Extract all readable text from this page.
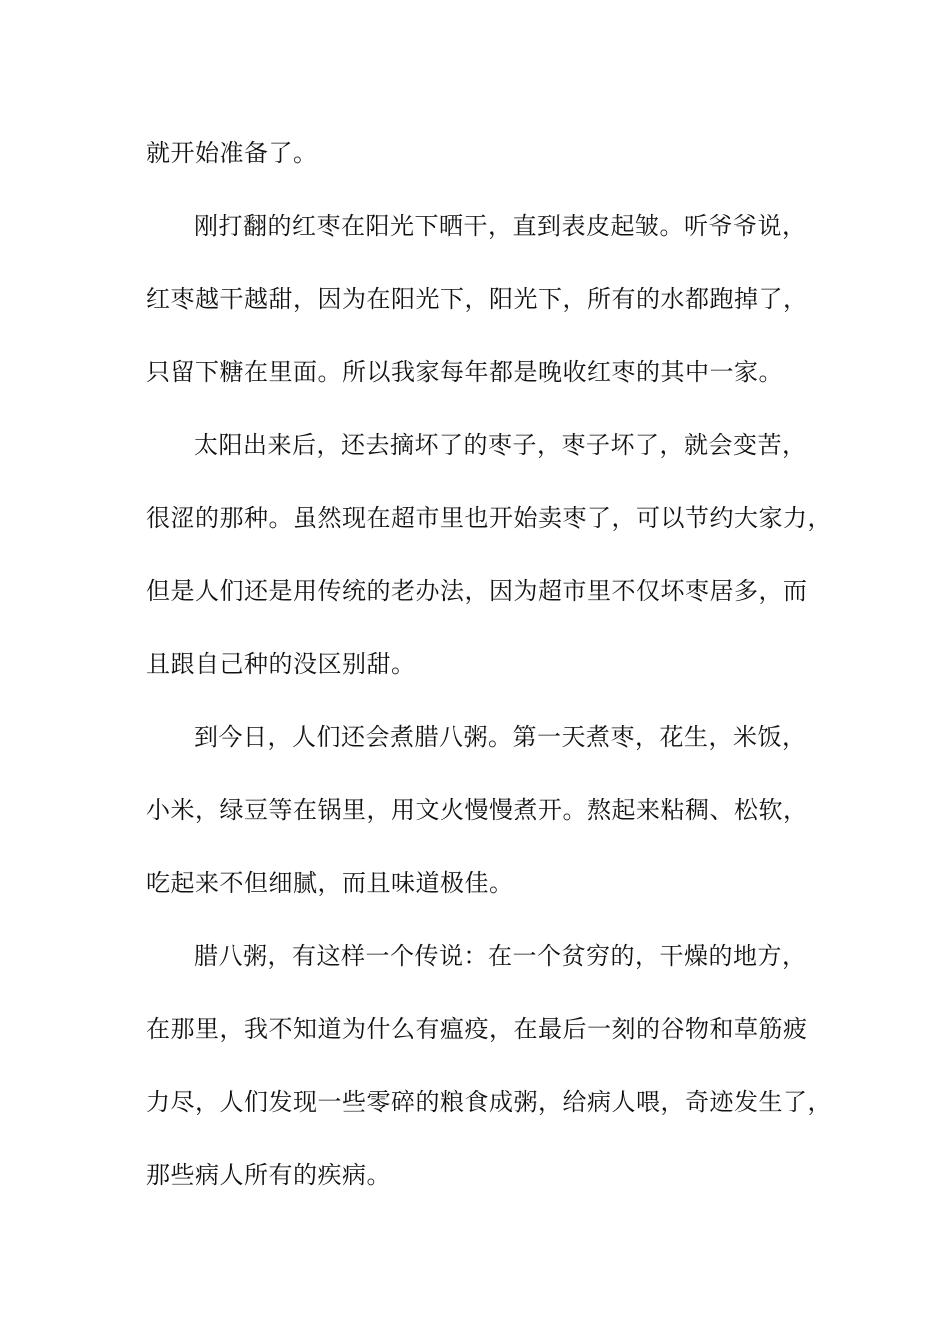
就开始准备了。
刚打翻的红枣在阳光下晒干，直到表皮起皱。听爷爷说，
红枣越干越甜，因为在阳光下，阳光下，所有的水都跑掉了，
只留下糖在里面。所以我家每年都是晚收红枣的其中一家。
太阳出来后，还去摘坏了的枣子，枣子坏了，就会变苦，
很涩的那种。虽然现在超市里也开始卖枣了，可以节约大家力，
但是人们还是用传统的老办法，因为超市里不仅坏枣居多，而
且跟自己种的没区别甜。
到今日，人们还会煮腊八粥。第一天煮枣，花生，米饭，
小米，绿豆等在锅里，用文火慢慢煮开。熬起来粘稠、松软，
吃起来不但细腻，而且味道极佳。
腊八粥，有这样一个传说：在一个贫穷的，干燥的地方，
在那里，我不知道为什么有瘟疫，在最后一刻的谷物和草筋疲
力尽，人们发现一些零碎的粮食成粥，给病人喂，奇迹发生了，
那些病人所有的疾病。
